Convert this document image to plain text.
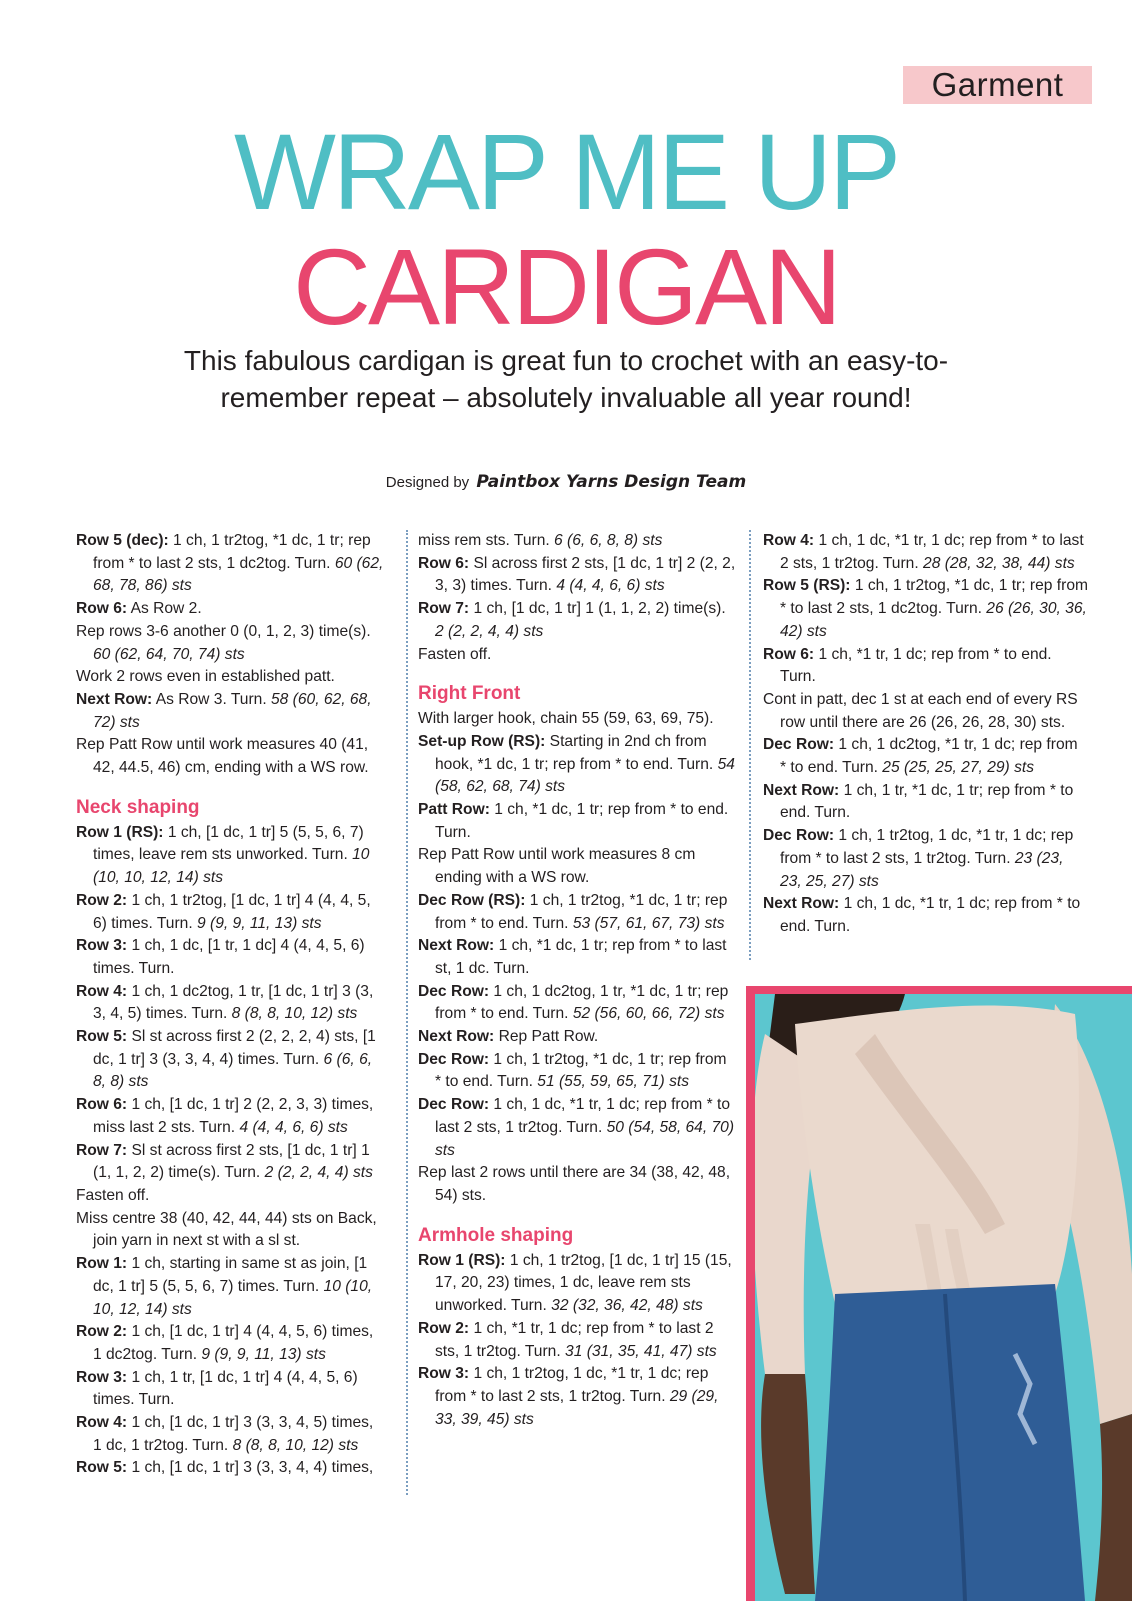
Garment
WRAP ME UP
CARDIGAN
This fabulous cardigan is great fun to crochet with an easy-to-remember repeat – absolutely invaluable all year round!
Designed by Paintbox Yarns Design Team

Row 5 (dec): 1 ch, 1 tr2tog, *1 dc, 1 tr; rep from * to last 2 sts, 1 dc2tog. Turn. 60 (62, 68, 78, 86) sts

Row 6: As Row 2.

Rep rows 3-6 another 0 (0, 1, 2, 3) time(s). 60 (62, 64, 70, 74) sts

Work 2 rows even in established patt.

Next Row: As Row 3. Turn. 58 (60, 62, 68, 72) sts

Rep Patt Row until work measures 40 (41, 42, 44.5, 46) cm, ending with a WS row.

Neck shaping

Row 1 (RS): 1 ch, [1 dc, 1 tr] 5 (5, 5, 6, 7) times, leave rem sts unworked. Turn. 10 (10, 10, 12, 14) sts

Row 2: 1 ch, 1 tr2tog, [1 dc, 1 tr] 4 (4, 4, 5, 6) times. Turn. 9 (9, 9, 11, 13) sts

Row 3: 1 ch, 1 dc, [1 tr, 1 dc] 4 (4, 4, 5, 6) times. Turn.

Row 4: 1 ch, 1 dc2tog, 1 tr, [1 dc, 1 tr] 3 (3, 3, 4, 5) times. Turn. 8 (8, 8, 10, 12) sts

Row 5: Sl st across first 2 (2, 2, 2, 4) sts, [1 dc, 1 tr] 3 (3, 3, 4, 4) times. Turn. 6 (6, 6, 8, 8) sts

Row 6: 1 ch, [1 dc, 1 tr] 2 (2, 2, 3, 3) times, miss last 2 sts. Turn. 4 (4, 4, 6, 6) sts

Row 7: Sl st across first 2 sts, [1 dc, 1 tr] 1 (1, 1, 2, 2) time(s). Turn. 2 (2, 2, 4, 4) sts

Fasten off.

Miss centre 38 (40, 42, 44, 44) sts on Back, join yarn in next st with a sl st.

Row 1: 1 ch, starting in same st as join, [1 dc, 1 tr] 5 (5, 5, 6, 7) times. Turn. 10 (10, 10, 12, 14) sts

Row 2: 1 ch, [1 dc, 1 tr] 4 (4, 4, 5, 6) times, 1 dc2tog. Turn. 9 (9, 9, 11, 13) sts

Row 3: 1 ch, 1 tr, [1 dc, 1 tr] 4 (4, 4, 5, 6) times. Turn.

Row 4: 1 ch, [1 dc, 1 tr] 3 (3, 3, 4, 5) times, 1 dc, 1 tr2tog. Turn. 8 (8, 8, 10, 12) sts

Row 5: 1 ch, [1 dc, 1 tr] 3 (3, 3, 4, 4) times,

miss rem sts. Turn. 6 (6, 6, 8, 8) sts

Row 6: Sl across first 2 sts, [1 dc, 1 tr] 2 (2, 2, 3, 3) times. Turn. 4 (4, 4, 6, 6) sts

Row 7: 1 ch, [1 dc, 1 tr] 1 (1, 1, 2, 2) time(s). 2 (2, 2, 4, 4) sts

Fasten off.

Right Front

With larger hook, chain 55 (59, 63, 69, 75).

Set-up Row (RS): Starting in 2nd ch from hook, *1 dc, 1 tr; rep from * to end. Turn. 54 (58, 62, 68, 74) sts

Patt Row: 1 ch, *1 dc, 1 tr; rep from * to end. Turn.

Rep Patt Row until work measures 8 cm ending with a WS row.

Dec Row (RS): 1 ch, 1 tr2tog, *1 dc, 1 tr; rep from * to end. Turn. 53 (57, 61, 67, 73) sts

Next Row: 1 ch, *1 dc, 1 tr; rep from * to last st, 1 dc. Turn.

Dec Row: 1 ch, 1 dc2tog, 1 tr, *1 dc, 1 tr; rep from * to end. Turn. 52 (56, 60, 66, 72) sts

Next Row: Rep Patt Row.

Dec Row: 1 ch, 1 tr2tog, *1 dc, 1 tr; rep from * to end. Turn. 51 (55, 59, 65, 71) sts

Dec Row: 1 ch, 1 dc, *1 tr, 1 dc; rep from * to last 2 sts, 1 tr2tog. Turn. 50 (54, 58, 64, 70) sts

Rep last 2 rows until there are 34 (38, 42, 48, 54) sts.

Armhole shaping

Row 1 (RS): 1 ch, 1 tr2tog, [1 dc, 1 tr] 15 (15, 17, 20, 23) times, 1 dc, leave rem sts unworked. Turn. 32 (32, 36, 42, 48) sts

Row 2: 1 ch, *1 tr, 1 dc; rep from * to last 2 sts, 1 tr2tog. Turn. 31 (31, 35, 41, 47) sts

Row 3: 1 ch, 1 tr2tog, 1 dc, *1 tr, 1 dc; rep from * to last 2 sts, 1 tr2tog. Turn. 29 (29, 33, 39, 45) sts

Row 4: 1 ch, 1 dc, *1 tr, 1 dc; rep from * to last 2 sts, 1 tr2tog. Turn. 28 (28, 32, 38, 44) sts

Row 5 (RS): 1 ch, 1 tr2tog, *1 dc, 1 tr; rep from * to last 2 sts, 1 dc2tog. Turn. 26 (26, 30, 36, 42) sts

Row 6: 1 ch, *1 tr, 1 dc; rep from * to end. Turn.

Cont in patt, dec 1 st at each end of every RS row until there are 26 (26, 26, 28, 30) sts.

Dec Row: 1 ch, 1 dc2tog, *1 tr, 1 dc; rep from * to end. Turn. 25 (25, 25, 27, 29) sts

Next Row: 1 ch, 1 tr, *1 dc, 1 tr; rep from * to end. Turn.

Dec Row: 1 ch, 1 tr2tog, 1 dc, *1 tr, 1 dc; rep from * to last 2 sts, 1 tr2tog. Turn. 23 (23, 23, 25, 27) sts

Next Row: 1 ch, 1 dc, *1 tr, 1 dc; rep from * to end. Turn.
